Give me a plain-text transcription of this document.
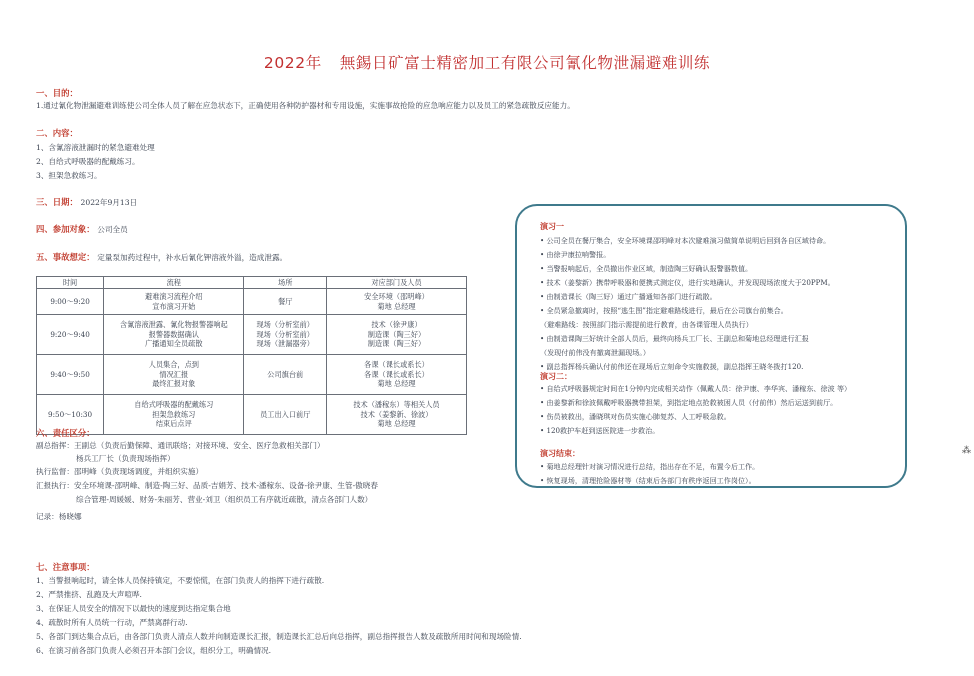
2022年 無錫日矿富士精密加工有限公司氰化物泄漏避难训练
一、目的：
1.通过氰化物泄漏避难训练使公司全体人员了解在应急状态下，正确使用各种防护器材和专用设施，实施事故抢险的应急响应能力以及员工的紧急疏散反应能力。
二、内容：
1、含氰溶液泄漏时的紧急避难处理
2、自给式呼吸器的配戴练习。
3、担架急救练习。
三、日期： 2022年9月13日
四、参加对象： 公司全员
五、事故想定： 定量泵加药过程中，补水后氰化钾溶液外溢，造成泄露。
时间	流程	场所	对应部门及人员
9:00～9:20	避难演习流程介绍
宣布演习开始	餐厅	安全环境（邵明峰）
菊地 总经理

9:20～9:40	含氰溶液泄露、氰化物报警器响起
报警器数据确认
广播通知全员疏散	现场（分析室前）
现场（分析室前）
现场（泄漏器旁）	技术（徐尹康）
制造课（陶三好）
制造课（陶三好）

9:40～9:50	人员集合，点到
情况汇报
最终汇报对象	公司旗台前	各课（课长或系长）
各课（课长或系长）
菊地 总经理

9:50～10:30	自给式呼吸器的配戴练习
担架急救练习
结束后点评	员工出入口前厅	技术（潘稼东）等相关人员
技术（姜黎新、徐波）
菊地 总经理
六、责任区分：
副总指挥：王副总（负责后勤保障、通讯联络；对接环境、安全、医疗急救相关部门）
杨兵工厂长（负责现场指挥）
执行监督：邵明峰（负责现场调度，并组织实施）
汇报执行：安全环境课-邵明峰、制造-陶三好、品质-吉娟芳、技术-潘稼东、设备-徐尹康、生管-傲晓春
综合管理-周媛媛、财务-朱丽芳、营业-刘卫（组织员工有序就近疏散，清点各部门人数）
记录：杨晓娜
七、注意事项：
1、当警报响起时，请全体人员保持镇定，不要惊慌，在部门负责人的指挥下进行疏散.
2、严禁推挤、乱跑及大声喧哗.
3、在保证人员安全的情况下以最快的速度到达指定集合地
4、疏散时所有人员统一行动，严禁离群行动.
5、各部门到达集合点后，由各部门负责人清点人数并向制造课长汇报，制造课长汇总后向总指挥，副总指挥报告人数及疏散所用时间和现场险情.
6、在演习前各部门负责人必须召开本部门会议，组织分工，明确情况.
演习一
• 公司全员在餐厅集合，安全环境课邵明峰对本次避难演习做简单说明后回到各自区域待命。
• 由徐尹康拉响警报。
• 当警报响起后，全员撤出作业区域，制造陶三好确认报警器数值。
• 技术（姜黎新）携带呼吸器和便携式测定仪，进行实地确认，并发现现场浓度大于20PPM。
• 由制造课长（陶三好）通过广播通知各部门进行疏散。
• 全员紧急撤离时，按照“逃生图”指定避难路线进行，最后在公司旗台前集合。
（避难路线：按照部门指示需提前进行教育，由各课管理人员执行）
• 由制造课陶三好统计全部人员后，最终向杨兵工厂长、王副总和菊地总经理进行汇报
（发现付前伟没有撤离泄漏现场。）
• 副总指挥杨兵确认付前伟还在现场后立刻命令实施救援，副总指挥王晓冬拨打120.
演习二：
• 自给式呼吸器规定时间在1分钟内完成相关动作（佩戴人员：徐尹康、李华宾、潘稼东、徐波 等）
• 由姜黎新和徐波佩戴呼吸器携带担架，到指定地点抢救被困人员（付前伟）然后运送到前厅。
• 伤员被救出，潘晓琪对伤员实施心肺复苏、人工呼吸急救。
• 120救护车赶到送医院进一步救治。
演习结束：
• 菊地总经理针对演习情况进行总结，指出存在不足，布置今后工作。
• 恢复现场，清理抢险器材等（结束后各部门有秩序返回工作岗位）。
⁂
